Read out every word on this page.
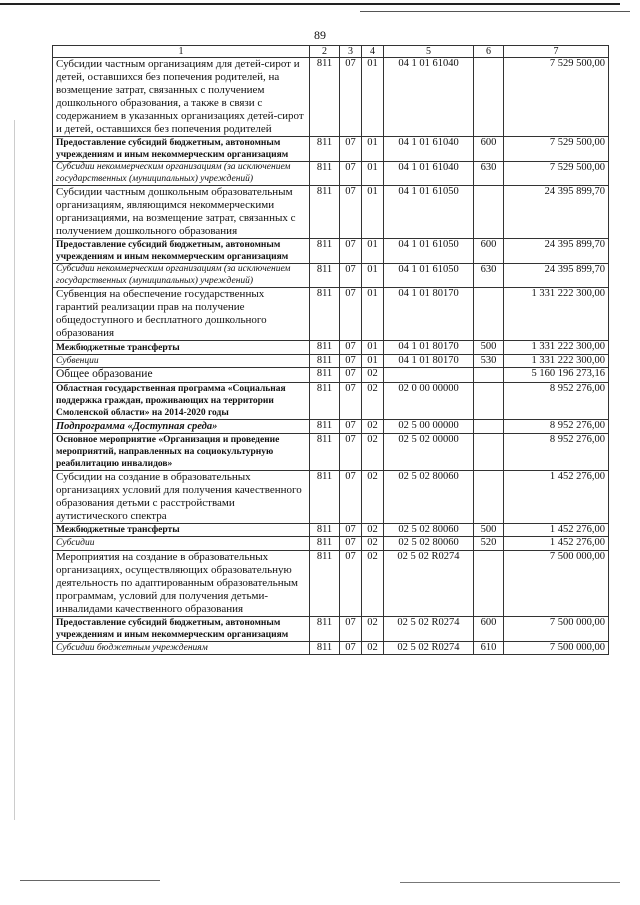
89
1	2	3	4	5	6	7
Субсидии частным организациям для детей-сирот и детей, оставшихся без попечения родителей, на возмещение затрат, связанных с получением дошкольного образования, а также в связи с содержанием в указанных организациях детей-сирот и детей, оставшихся без попечения родителей	811	07	01	04 1 01 61040		7 529 500,00
Предоставление субсидий бюджетным, автономным учреждениям и иным некоммерческим организациям	811	07	01	04 1 01 61040	600	7 529 500,00
Субсидии некоммерческим организациям (за исключением государственных (муниципальных) учреждений)	811	07	01	04 1 01 61040	630	7 529 500,00
Субсидии частным дошкольным образовательным организациям, являющимся некоммерческими организациями, на возмещение затрат, связанных с получением дошкольного образования	811	07	01	04 1 01 61050		24 395 899,70
Предоставление субсидий бюджетным, автономным учреждениям и иным некоммерческим организациям	811	07	01	04 1 01 61050	600	24 395 899,70
Субсидии некоммерческим организациям (за исключением государственных (муниципальных) учреждений)	811	07	01	04 1 01 61050	630	24 395 899,70
Субвенция на обеспечение государственных гарантий реализации прав на получение общедоступного и бесплатного дошкольного образования	811	07	01	04 1 01 80170		1 331 222 300,00
Межбюджетные трансферты	811	07	01	04 1 01 80170	500	1 331 222 300,00
Субвенции	811	07	01	04 1 01 80170	530	1 331 222 300,00
Общее образование	811	07	02			5 160 196 273,16
Областная государственная программа «Социальная поддержка граждан, проживающих на территории Смоленской области» на 2014-2020 годы	811	07	02	02 0 00 00000		8 952 276,00
Подпрограмма «Доступная среда»	811	07	02	02 5 00 00000		8 952 276,00
Основное мероприятие «Организация и проведение мероприятий, направленных на социокультурную реабилитацию инвалидов»	811	07	02	02 5 02 00000		8 952 276,00
Субсидии на создание в образовательных организациях условий для получения качественного образования детьми с расстройствами аутистического спектра	811	07	02	02 5 02 80060		1 452 276,00
Межбюджетные трансферты	811	07	02	02 5 02 80060	500	1 452 276,00
Субсидии	811	07	02	02 5 02 80060	520	1 452 276,00
Мероприятия на создание в образовательных организациях, осуществляющих образовательную деятельность по адаптированным образовательным программам, условий для получения детьми-инвалидами качественного образования	811	07	02	02 5 02 R0274		7 500 000,00
Предоставление субсидий бюджетным, автономным учреждениям и иным некоммерческим организациям	811	07	02	02 5 02 R0274	600	7 500 000,00
Субсидии бюджетным учреждениям	811	07	02	02 5 02 R0274	610	7 500 000,00
